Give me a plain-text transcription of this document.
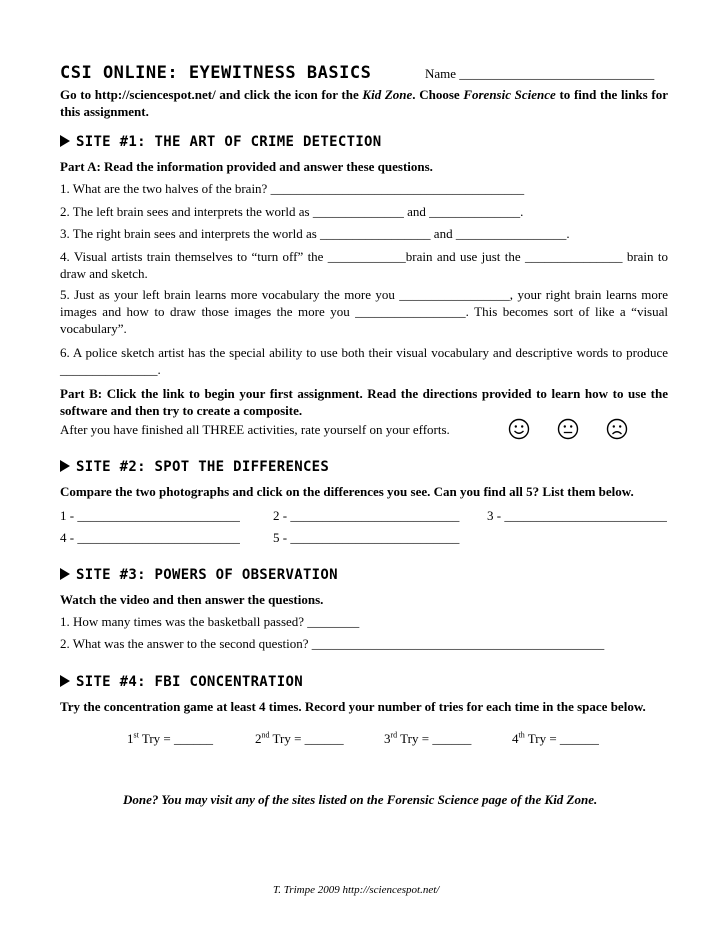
CSI ONLINE: EYEWITNESS BASICS	Name ______________________________
Go to http://sciencespot.net/ and click the icon for the Kid Zone. Choose Forensic Science to find the links for this assignment.
SITE #1: THE ART OF CRIME DETECTION
Part A: Read the information provided and answer these questions.
1. What are the two halves of the brain? _______________________________________
2. The left brain sees and interprets the world as ______________ and ______________.
3. The right brain sees and interprets the world as _________________ and _________________.
4. Visual artists train themselves to “turn off” the ____________brain and use just the _______________ brain to draw and sketch.
5. Just as your left brain learns more vocabulary the more you _________________, your right brain learns more images and how to draw those images the more you _________________. This becomes sort of like a “visual vocabulary”.
6. A police sketch artist has the special ability to use both their visual vocabulary and descriptive words to produce _______________.
Part B: Click the link to begin your first assignment. Read the directions provided to learn how to use the software and then try to create a composite.
After you have finished all THREE activities, rate yourself on your efforts.
SITE #2: SPOT THE DIFFERENCES
Compare the two photographs and click on the differences you see. Can you find all 5? List them below.
1 - _________________________	2 - __________________________ 3 - _________________________
4 - _________________________	5 - __________________________
SITE #3: POWERS OF OBSERVATION
Watch the video and then answer the questions.
1. How many times was the basketball passed? ________
2. What was the answer to the second question? _____________________________________________
SITE #4: FBI CONCENTRATION
Try the concentration game at least 4 times. Record your number of tries for each time in the space below.
1st Try = ______	2nd Try = ______	3rd Try = ______	4th Try = ______
Done? You may visit any of the sites listed on the Forensic Science page of the Kid Zone.
T. Trimpe 2009 http://sciencespot.net/
